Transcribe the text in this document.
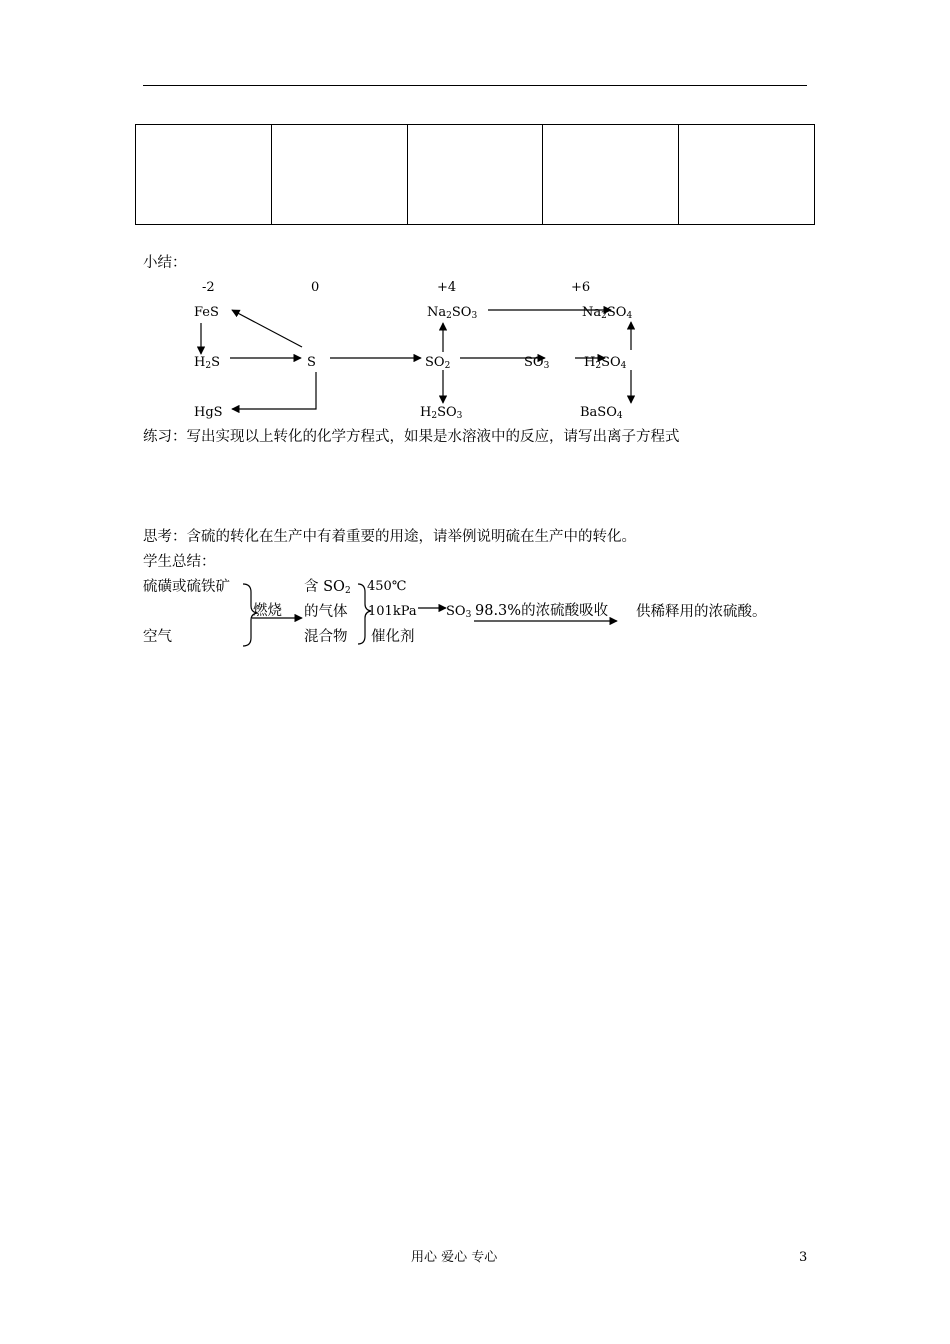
小结：
-2	0	+4	+6
FeS
$H_2S$
HgS
S
$Na_2SO_3$
$SO_2$
$H_2SO_3$
$SO_3$
$Na_2SO_4$
$H_2SO_4$
BaSO$_4$
练习：写出实现以上转化的化学方程式，如果是水溶液中的反应，请写出离子方程式
思考：含硫的转化在生产中有着重要的用途，请举例说明硫在生产中的转化。
学生总结：
硫磺或硫铁矿
空气
燃烧
含 $SO_2$
的气体
混合物
450℃
101kPa
催化剂
$SO_3$ 98.3%的浓硫酸吸收 供稀释用的浓硫酸。
用心 爱心 专心	3
